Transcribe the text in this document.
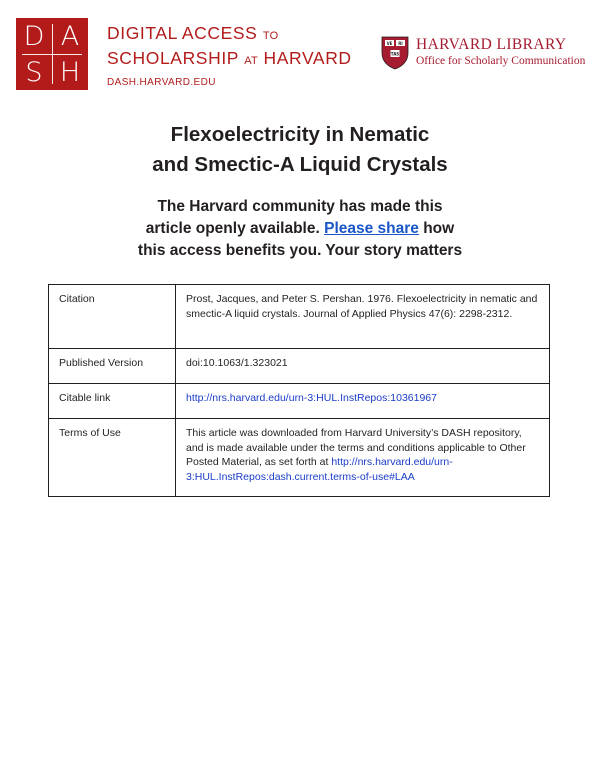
D A
S H
DIGITAL ACCESS TO
SCHOLARSHIP AT HARVARD
DASH.HARVARD.EDU
VE RI
TAS
HARVARD LIBRARY
Office for Scholarly Communication
Flexoelectricity in Nematic
and Smectic-A Liquid Crystals
The Harvard community has made this
article openly available. Please share how
this access benefits you. Your story matters
Citation	Prost, Jacques, and Peter S. Pershan. 1976. Flexoelectricity in nematic and smectic-A liquid crystals. Journal of Applied Physics 47(6): 2298-2312.
Published Version	doi:10.1063/1.323021
Citable link	http://nrs.harvard.edu/urn-3:HUL.InstRepos:10361967
Terms of Use	This article was downloaded from Harvard University’s DASH repository, and is made available under the terms and conditions applicable to Other Posted Material, as set forth at http://nrs.harvard.edu/urn-3:HUL.InstRepos:dash.current.terms-of-use#LAA
